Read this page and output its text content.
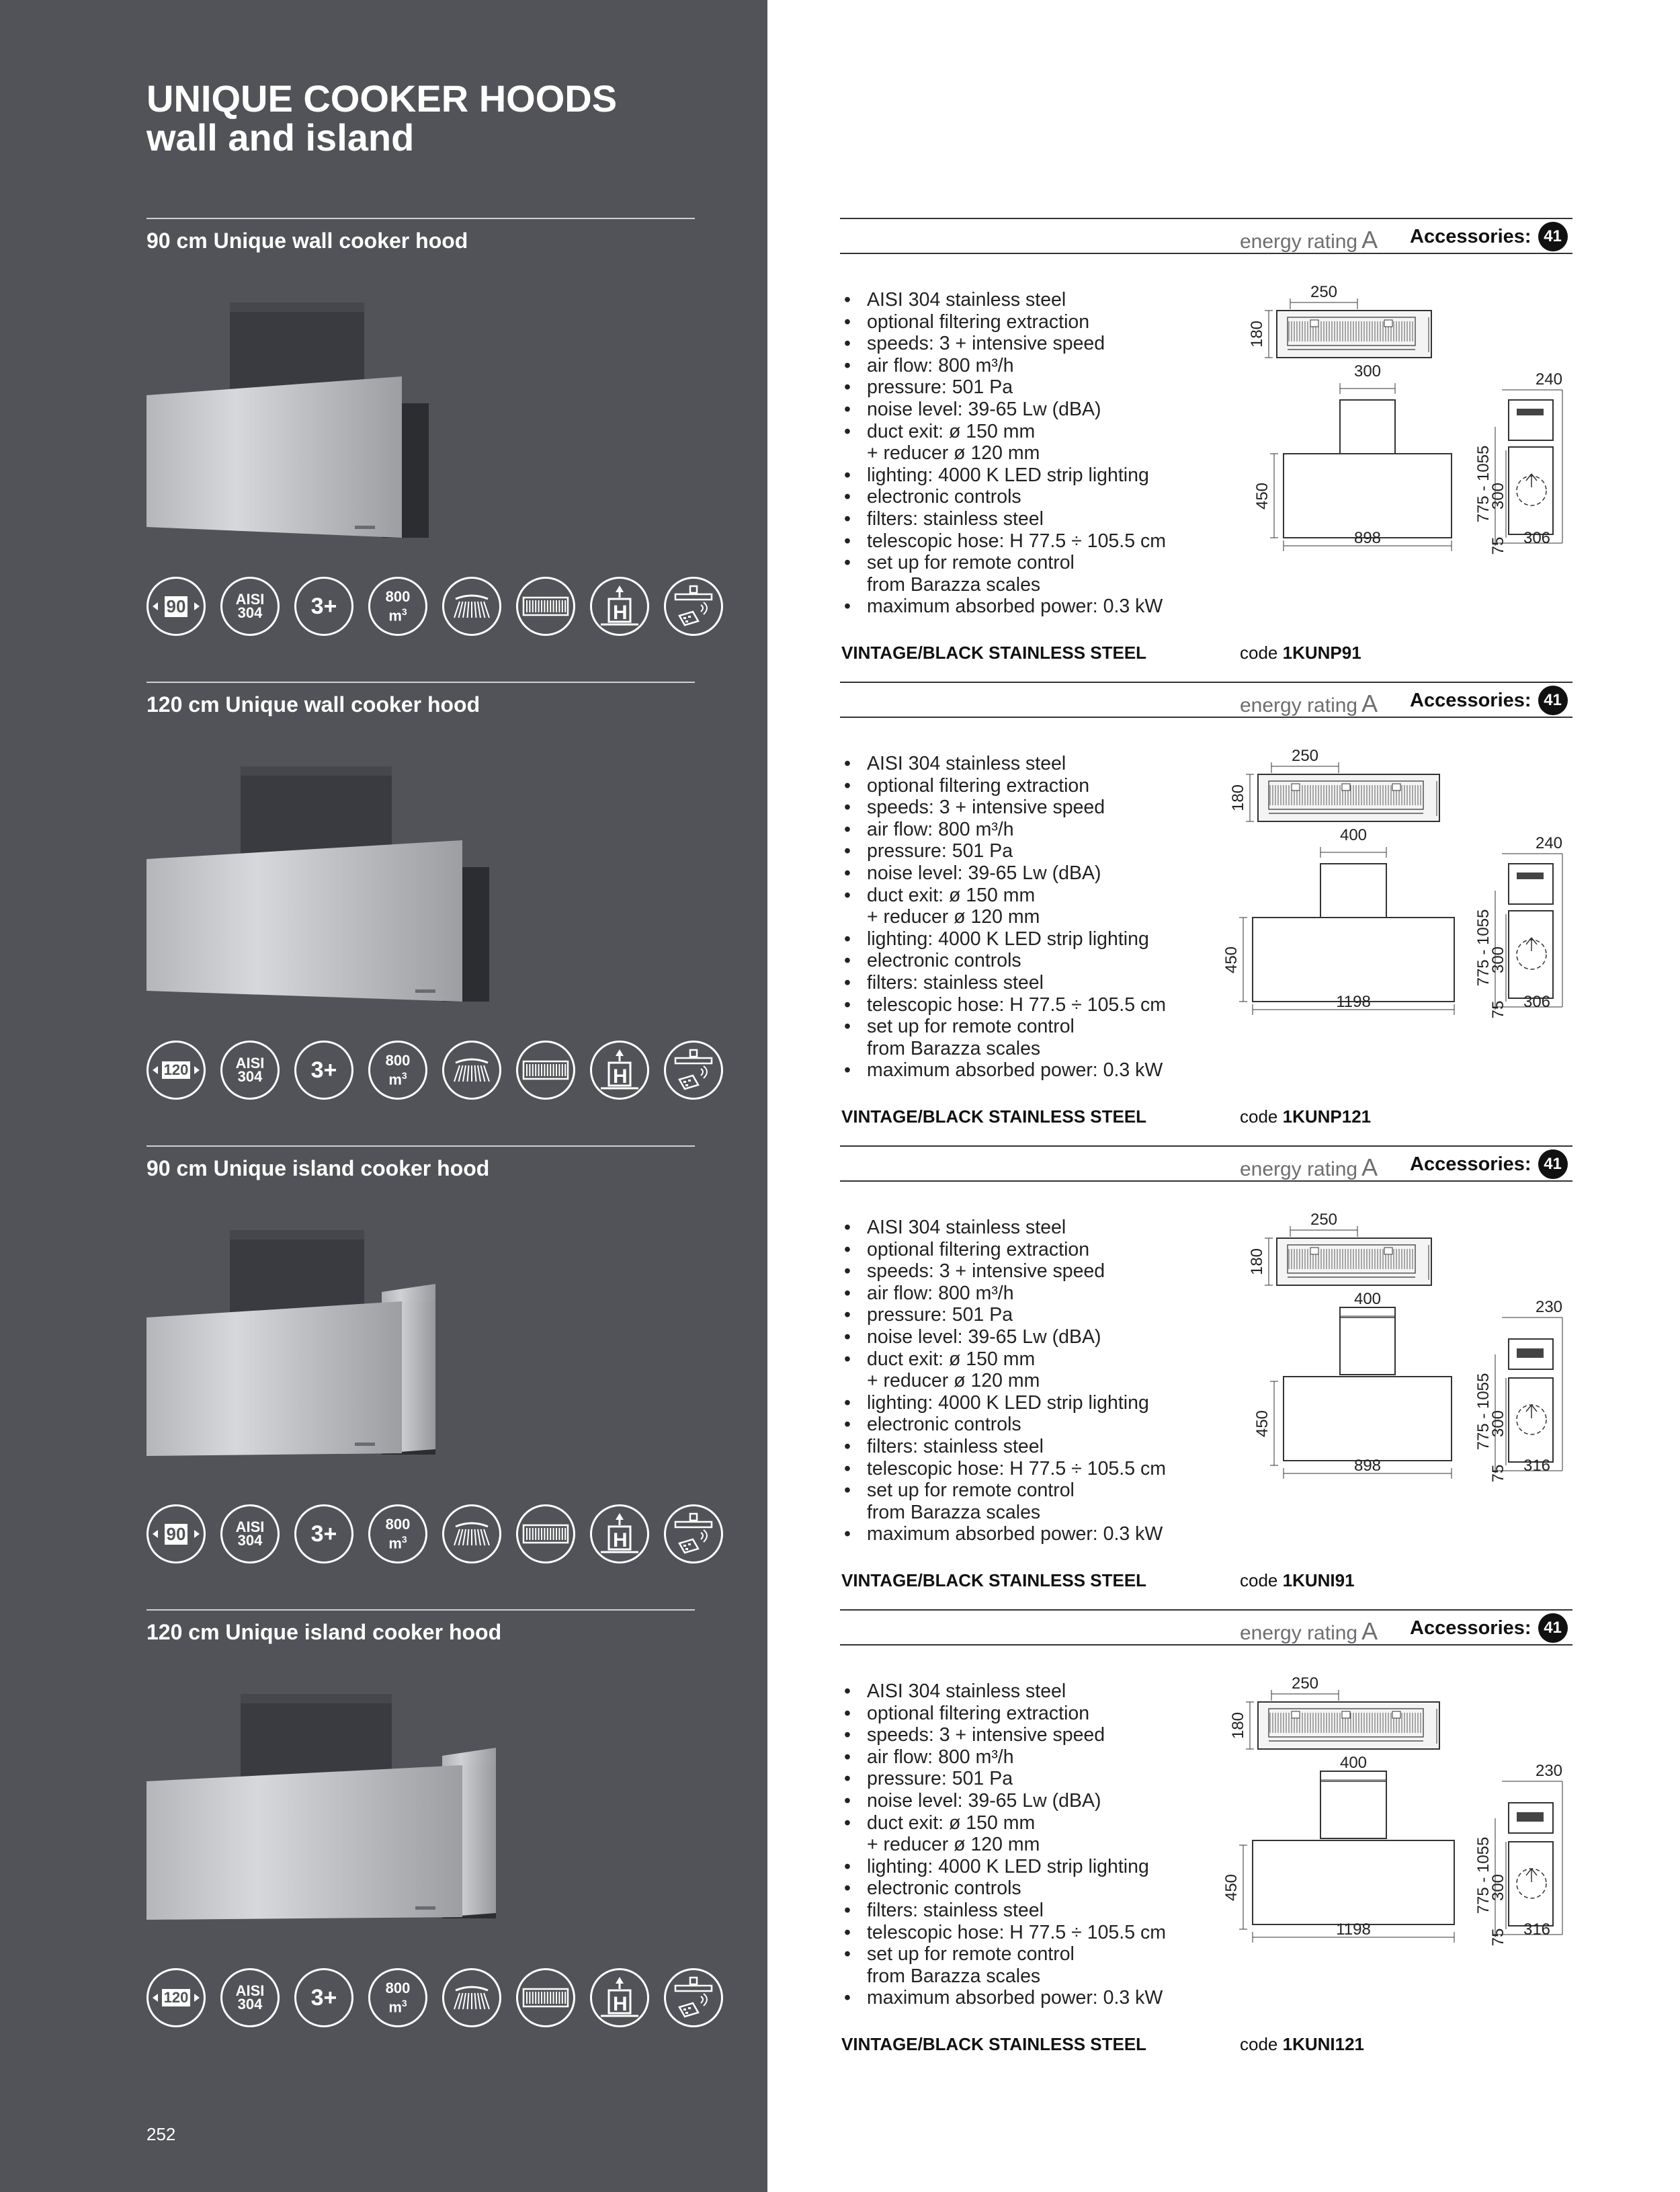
UNIQUE COOKER HOODS
wall and island
252
90 cm Unique wall cooker hood
90	AISI
304 3+	800
$m^3$	H
energy rating A Accessories: 41
• AISI 304 stainless steel
• optional filtering extraction
• speeds: 3 + intensive speed
• air flow: 800 m³/h
• pressure: 501 Pa
• noise level: 39-65 Lw (dBA)
• duct exit: ø 150 mm
+ reducer ø 120 mm
• lighting: 4000 K LED strip lighting
• electronic controls
• filters: stainless steel
• telescopic hose: H 77.5 ÷ 105.5 cm
• set up for remote control
from Barazza scales
• maximum absorbed power: 0.3 kW
VINTAGE/BLACK STAINLESS STEEL	code 1KUNP91
250
180
300
450
898
240
775 - 1055
300
75 306
120 cm Unique wall cooker hood
120	AISI
304 3+	800
$m^3$	H
energy rating A Accessories: 41
• AISI 304 stainless steel
• optional filtering extraction
• speeds: 3 + intensive speed
• air flow: 800 m³/h
• pressure: 501 Pa
• noise level: 39-65 Lw (dBA)
• duct exit: ø 150 mm
+ reducer ø 120 mm
• lighting: 4000 K LED strip lighting
• electronic controls
• filters: stainless steel
• telescopic hose: H 77.5 ÷ 105.5 cm
• set up for remote control
from Barazza scales
• maximum absorbed power: 0.3 kW
VINTAGE/BLACK STAINLESS STEEL	code 1KUNP121
250
180
400
450
1198
240
775 - 1055
300
75 306
90 cm Unique island cooker hood
90	AISI
304 3+	800
$m^3$	H
energy rating A Accessories: 41
• AISI 304 stainless steel
• optional filtering extraction
• speeds: 3 + intensive speed
• air flow: 800 m³/h
• pressure: 501 Pa
• noise level: 39-65 Lw (dBA)
• duct exit: ø 150 mm
+ reducer ø 120 mm
• lighting: 4000 K LED strip lighting
• electronic controls
• filters: stainless steel
• telescopic hose: H 77.5 ÷ 105.5 cm
• set up for remote control
from Barazza scales
• maximum absorbed power: 0.3 kW
VINTAGE/BLACK STAINLESS STEEL	code 1KUNI91
250
180
400
450
898
230
775 - 1055
300
75 316
120 cm Unique island cooker hood
120	AISI
304 3+	800
$m^3$	H
energy rating A Accessories: 41
• AISI 304 stainless steel
• optional filtering extraction
• speeds: 3 + intensive speed
• air flow: 800 m³/h
• pressure: 501 Pa
• noise level: 39-65 Lw (dBA)
• duct exit: ø 150 mm
+ reducer ø 120 mm
• lighting: 4000 K LED strip lighting
• electronic controls
• filters: stainless steel
• telescopic hose: H 77.5 ÷ 105.5 cm
• set up for remote control
from Barazza scales
• maximum absorbed power: 0.3 kW
VINTAGE/BLACK STAINLESS STEEL	code 1KUNI121
250
180
400
450
1198
230
775 - 1055
300
75 316
